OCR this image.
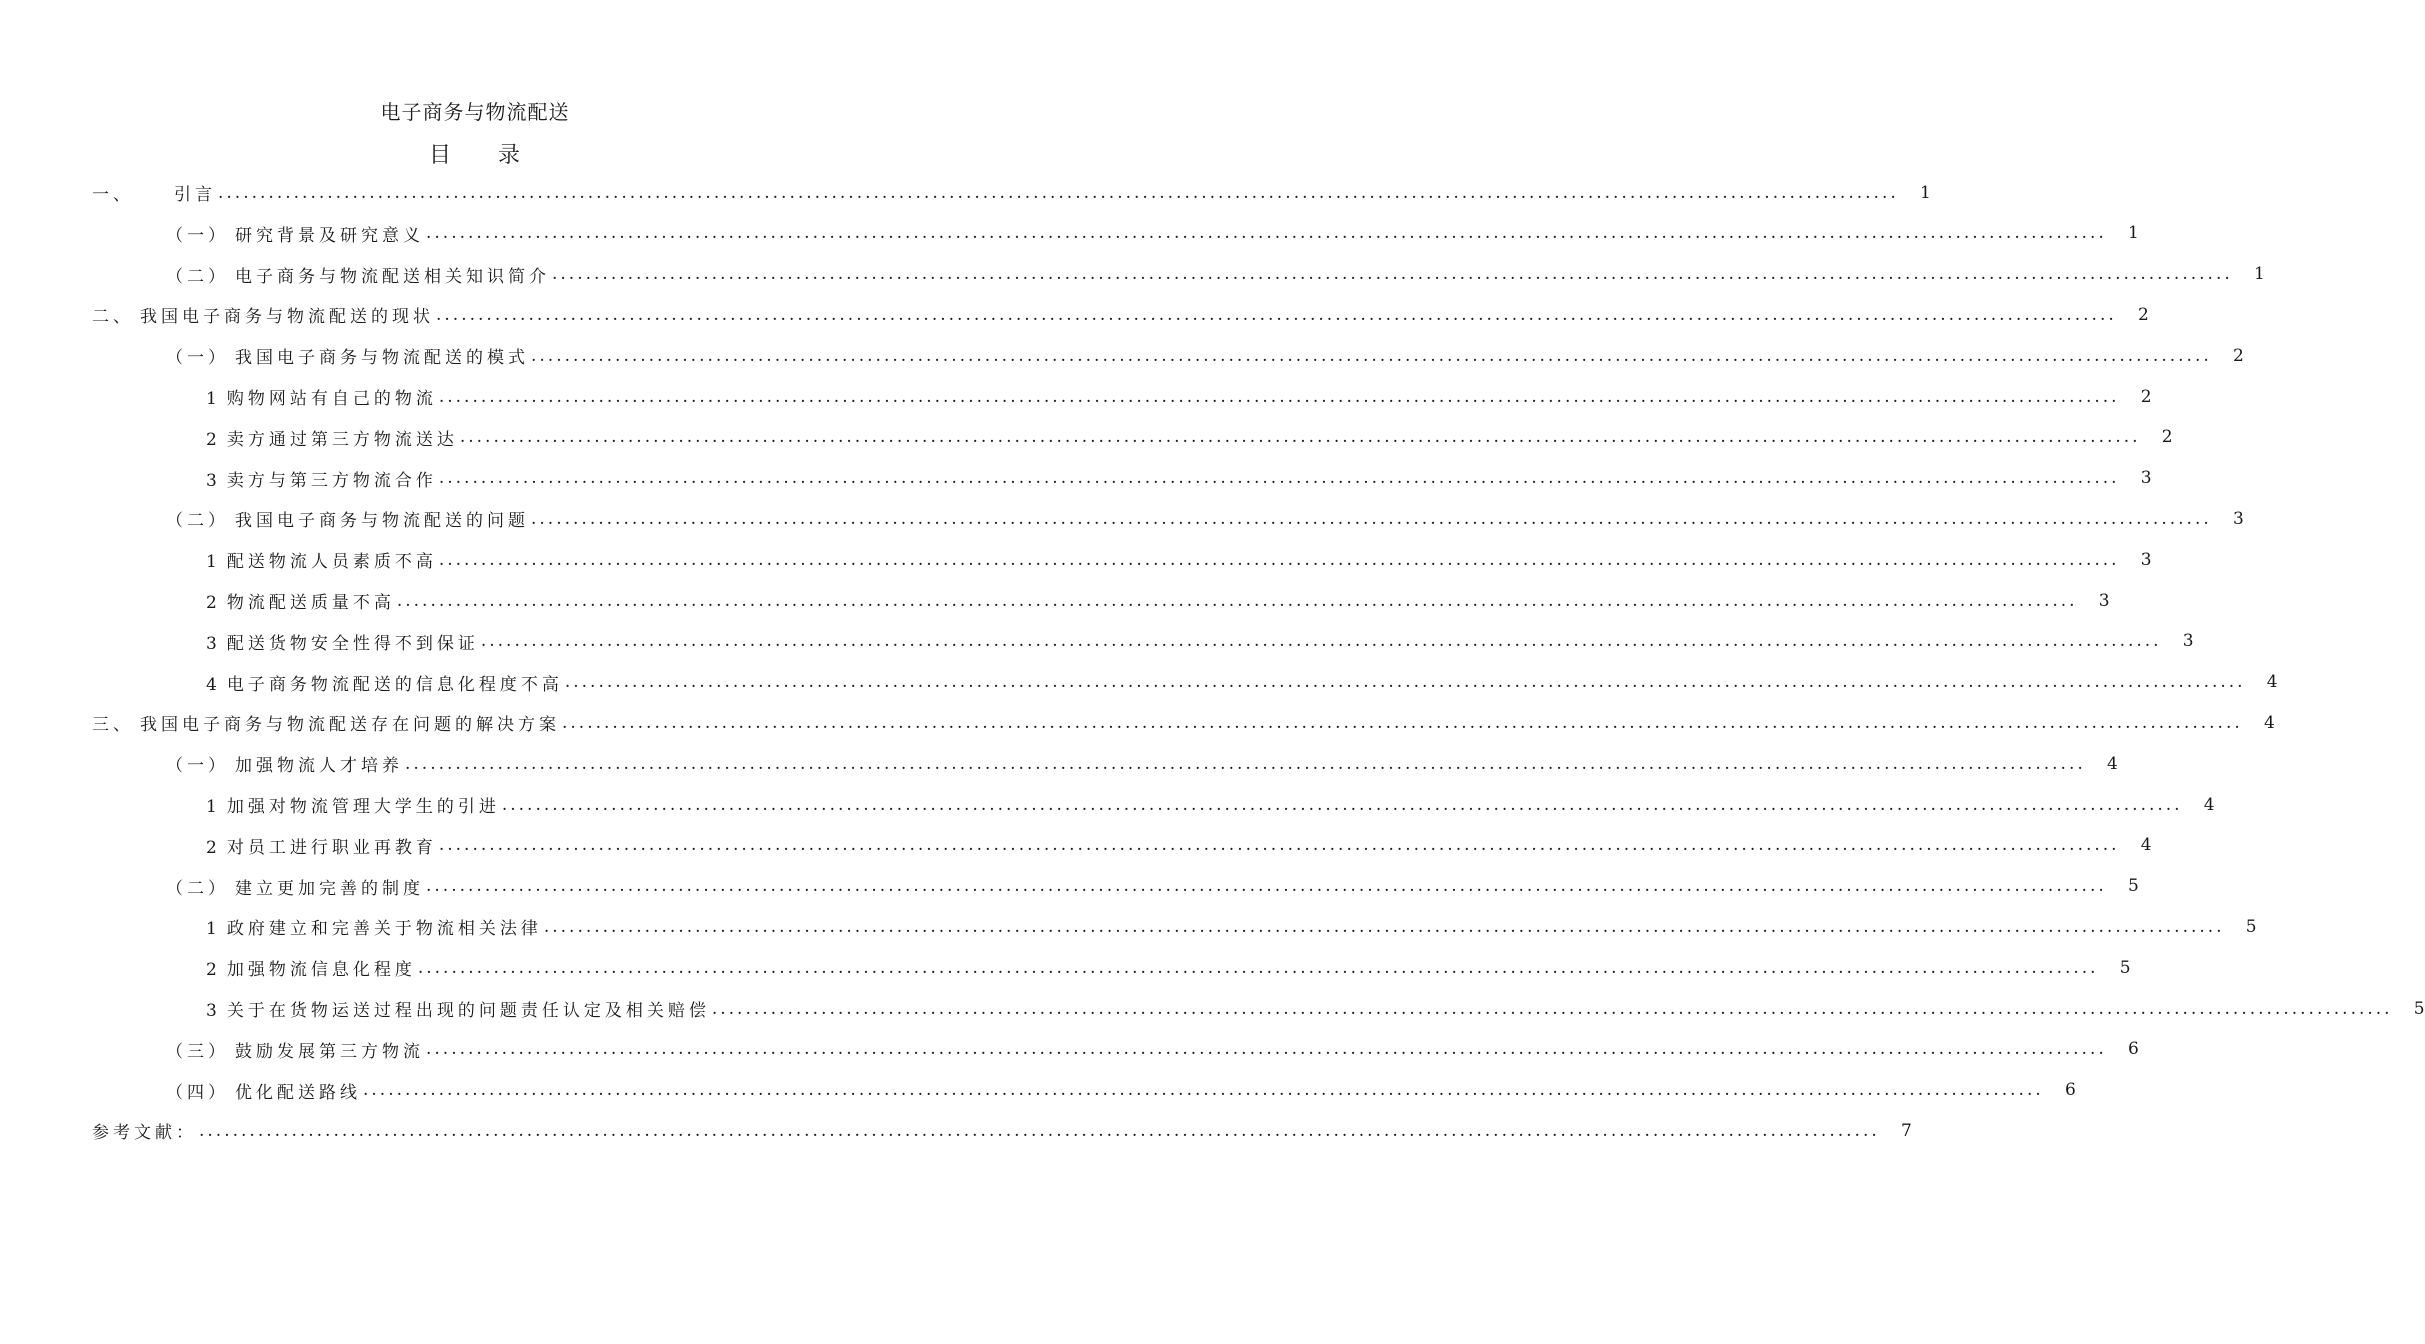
电子商务与物流配送
目 录
一、 引言 ........................................................................................................................................................................................................ 1
（一） 研究背景及研究意义 ........................................................................................................................................................................................................ 1
（二） 电子商务与物流配送相关知识简介 ........................................................................................................................................................................................................ 1
二、 我国电子商务与物流配送的现状 ........................................................................................................................................................................................................ 2
（一） 我国电子商务与物流配送的模式 ........................................................................................................................................................................................................ 2
1 购物网站有自己的物流 ........................................................................................................................................................................................................ 2
2 卖方通过第三方物流送达 ........................................................................................................................................................................................................ 2
3 卖方与第三方物流合作 ........................................................................................................................................................................................................ 3
（二） 我国电子商务与物流配送的问题 ........................................................................................................................................................................................................ 3
1 配送物流人员素质不高 ........................................................................................................................................................................................................ 3
2 物流配送质量不高 ........................................................................................................................................................................................................ 3
3 配送货物安全性得不到保证 ........................................................................................................................................................................................................ 3
4 电子商务物流配送的信息化程度不高 ........................................................................................................................................................................................................ 4
三、 我国电子商务与物流配送存在问题的解决方案 ........................................................................................................................................................................................................ 4
（一） 加强物流人才培养 ........................................................................................................................................................................................................ 4
1 加强对物流管理大学生的引进 ........................................................................................................................................................................................................ 4
2 对员工进行职业再教育 ........................................................................................................................................................................................................ 4
（二） 建立更加完善的制度 ........................................................................................................................................................................................................ 5
1 政府建立和完善关于物流相关法律 ........................................................................................................................................................................................................ 5
2 加强物流信息化程度 ........................................................................................................................................................................................................ 5
3 关于在货物运送过程出现的问题责任认定及相关赔偿 ........................................................................................................................................................................................................ 5
（三） 鼓励发展第三方物流 ........................................................................................................................................................................................................ 6
（四） 优化配送路线 ........................................................................................................................................................................................................ 6
参考文献： ........................................................................................................................................................................................................ 7
